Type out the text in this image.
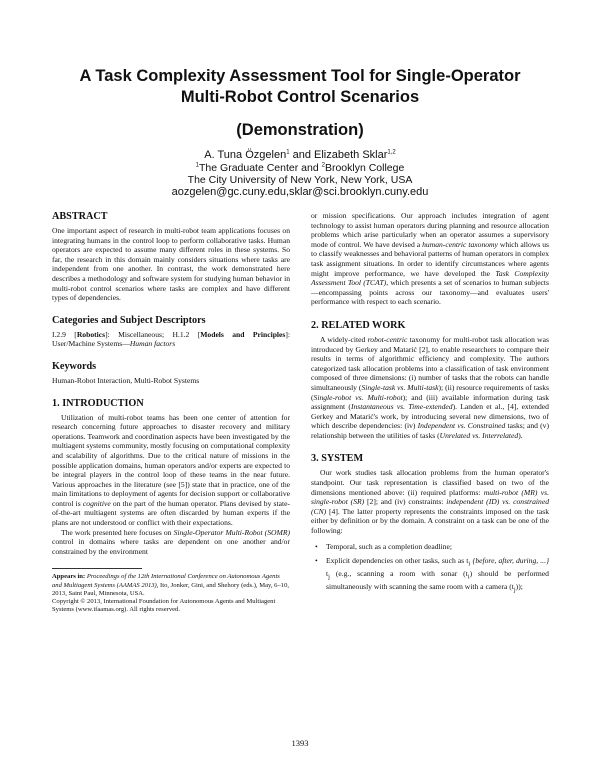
A Task Complexity Assessment Tool for Single-Operator
Multi-Robot Control Scenarios

(Demonstration)

A. Tuna Özgelen$^1$ and Elizabeth Sklar$^{1,2}$
$^1$The Graduate Center and $^2$Brooklyn College
The City University of New York, New York, USA
aozgelen@gc.cuny.edu,sklar@sci.brooklyn.cuny.edu
ABSTRACT

One important aspect of research in multi-robot team applications focuses on integrating humans in the control loop to perform collaborative tasks. Human operators are expected to assume many different roles in these systems. So far, the research in this domain mainly considers situations where tasks are independent from one another. In contrast, the work demonstrated here describes a methodology and software system for studying human behavior in multi-robot control scenarios where tasks are complex and have different types of dependencies.

Categories and Subject Descriptors

I.2.9 [Robotics]: Miscellaneous; H.1.2 [Models and Principles]: User/Machine Systems—Human factors

Keywords

Human-Robot Interaction, Multi-Robot Systems

1. INTRODUCTION

Utilization of multi-robot teams has been one center of attention for research concerning future approaches to disaster recovery and military operations. Teamwork and coordination aspects have been investigated by the multiagent systems community, mostly focusing on computational complexity and scalability of algorithms. Due to the critical nature of missions in the possible application domains, human operators and/or experts are expected to be integral players in the control loop of these teams in the near future. Various approaches in the literature (see [5]) state that in practice, one of the main limitations to deployment of agents for decision support or collaborative control is cognitive on the part of the human operator. Plans devised by state-of-the-art multiagent systems are often discarded by human experts if the plans are not understood or conflict with their expectations.

The work presented here focuses on Single-Operator Multi-Robot (SOMR) control in domains where tasks are dependent on one another and/or constrained by the environment

Appears in: Proceedings of the 12th International Conference on Autonomous Agents and Multiagent Systems (AAMAS 2013), Ito, Jonker, Gini, and Shehory (eds.), May, 6–10, 2013, Saint Paul, Minnesota, USA.

Copyright © 2013, International Foundation for Autonomous Agents and Multiagent Systems (www.ifaamas.org). All rights reserved.

or mission specifications. Our approach includes integration of agent technology to assist human operators during planning and resource allocation problems which arise particularly when an operator assumes a supervisory mode of control. We have devised a human-centric taxonomy which allows us to classify weaknesses and behavioral patterns of human operators in complex task assignment situations. In order to identify circumstances where agents might improve performance, we have developed the Task Complexity Assessment Tool (TCAT), which presents a set of scenarios to human subjects—encompassing points across our taxonomy—and evaluates users' performance with respect to each scenario.

2. RELATED WORK

A widely-cited robot-centric taxonomy for multi-robot task allocation was introduced by Gerkey and Matarić [2], to enable researchers to compare their results in terms of algorithmic efficiency and complexity. The authors categorized task allocation problems into a classification of task environment composed of three dimensions: (i) number of tasks that the robots can handle simultaneously (Single-task vs. Multi-task); (ii) resource requirements of tasks (Single-robot vs. Multi-robot); and (iii) available information during task assignment (Instantaneous vs. Time-extended). Landen et al., [4], extended Gerkey and Matarić's work, by introducing several new dimensions, two of which describe dependencies: (iv) Independent vs. Constrained tasks; and (v) relationship between the utilities of tasks (Unrelated vs. Interrelated).

3. SYSTEM

Our work studies task allocation problems from the human operator's standpoint. Our task representation is classified based on two of the dimensions mentioned above: (ii) required platforms: multi-robot (MR) vs. single-robot (SR) [2]; and (iv) constraints: independent (ID) vs. constrained (CN) [4]. The latter property represents the constraints imposed on the task either by definition or by the domain. A constraint on a task can be one of the following:

• Temporal, such as a completion deadline;
• Explicit dependencies on other tasks, such as $t_i$ {before, after, during, ...} $t_j$ (e.g., scanning a room with sonar $(t_i)$ should be performed simultaneously with scanning the same room with a camera $(t_j)$);
1393
